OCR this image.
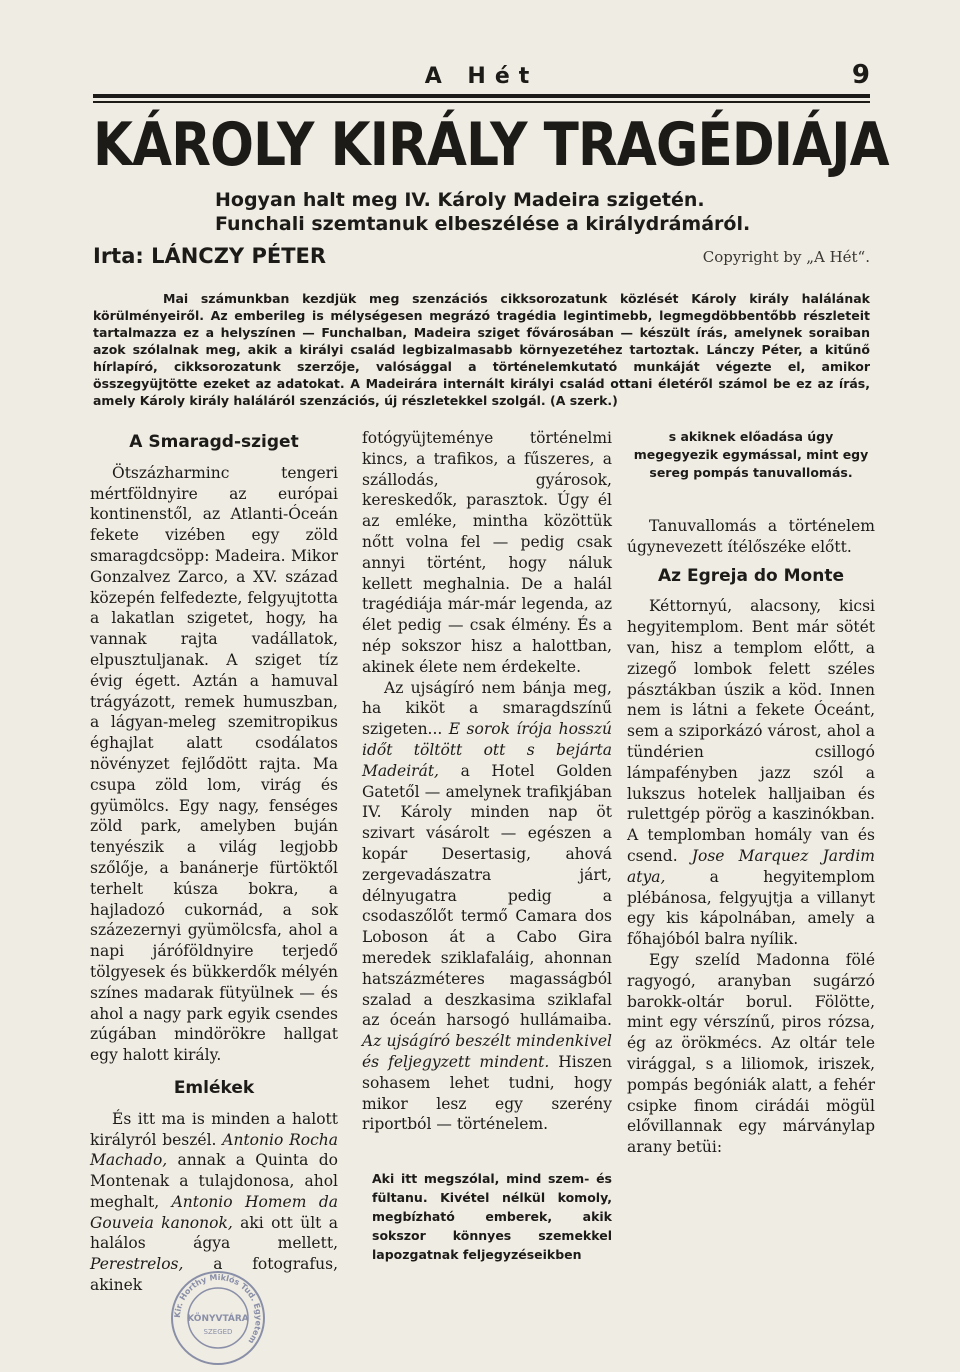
A Hét	9
KÁROLY KIRÁLY TRAGÉDIÁJA
Hogyan halt meg IV. Károly Madeira szigetén.
Funchali szemtanuk elbeszélése a királydrámáról.
Irta: LÁNCZY PÉTER	Copyright by „A Hét“.
Mai számunkban kezdjük meg szenzációs cikksorozatunk közlését Károly király halálának körülményeiről. Az emberileg is mélységesen megrázó tragédia legintimebb, legmegdöbbentőbb részleteit tartalmazza ez a helyszínen — Funchalban, Madeira sziget fővárosában — készült írás, amelynek soraiban azok szólalnak meg, akik a királyi család legbizalmasabb környezetéhez tartoztak. Lánczy Péter, a kitűnő hírlapíró, cikksorozatunk szerzője, valósággal a történelemkutató munkáját végezte el, amikor összegyüjtötte ezeket az adatokat. A Madeirára internált királyi család ottani életéről számol be ez az írás, amely Károly király haláláról szenzációs, új részletekkel szolgál. (A szerk.)
A Smaragd-sziget

Ötszázharminc tengeri mértföldnyire az európai kontinenstől, az Atlanti-Óceán fekete vizében egy zöld smaragdcsöpp: Madeira. Mikor Gonzalvez Zarco, a XV. század közepén felfedezte, felgyujtotta a lakatlan szigetet, hogy, ha vannak rajta vadállatok, elpusztuljanak. A sziget tíz évig égett. Aztán a hamuval trágyázott, remek humuszban, a lágyan-meleg szemitropikus éghajlat alatt csodálatos növényzet fejlődött rajta. Ma csupa zöld lom, virág és gyümölcs. Egy nagy, fenséges zöld park, amelyben buján tenyészik a világ legjobb szőlője, a banánerje fürtöktől terhelt kúsza bokra, a hajladozó cukornád, a sok százezernyi gyümölcsfa, ahol a napi járóföldnyire terjedő tölgyesek és bükkerdők mélyén színes madarak fütyülnek — és ahol a nagy park egyik csendes zúgában mindörökre hallgat egy halott király.

Emlékek

És itt ma is minden a halott királyról beszél. Antonio Rocha Machado, annak a Quinta do Montenak a tulajdonosa, ahol meghalt, Antonio Homem da Gouveia kanonok, aki ott ült a halálos ágya mellett, Perestrelos, a fotografus, akinek

fotógyüjteménye történelmi kincs, a trafikos, a fűszeres, a szállodás, gyárosok, kereskedők, parasztok. Úgy él az emléke, mintha közöttük nőtt volna fel — pedig csak annyi történt, hogy náluk kellett meghalnia. De a halál tragédiája már-már legenda, az élet pedig — csak élmény. És a nép sokszor hisz a halottban, akinek élete nem érdekelte.

Az ujságíró nem bánja meg, ha kiköt a smaragdszínű szigeten... E sorok írója hosszú időt töltött ott s bejárta Madeirát, a Hotel Golden Gatetől — amelynek trafikjában IV. Károly minden nap öt szivart vásárolt — egészen a kopár Desertasig, ahová zergevadászatra járt, délnyugatra pedig a csodaszőlőt termő Camara dos Loboson át a Cabo Gira meredek sziklafaláig, ahonnan hatszázméteres magasságból szalad a deszkasima sziklafal az óceán harsogó hullámaiba. Az ujságíró beszélt mindenkivel és feljegyzett mindent. Hiszen sohasem lehet tudni, hogy mikor lesz egy szerény riportból — történelem.

Aki itt megszólal, mind szem- és fültanu. Kivétel nélkül komoly, megbízható emberek, akik sokszor könnyes szemekkel lapozgatnak feljegyzéseikben
s akiknek előadása úgy megegyezik egymással, mint egy sereg pompás tanuvallomás.

Tanuvallomás a történelem úgynevezett ítélőszéke előtt.

Az Egreja do Monte

Kéttornyú, alacsony, kicsi hegyitemplom. Bent már sötét van, hisz a templom előtt, a zizegő lombok felett széles pásztákban úszik a köd. Innen nem is látni a fekete Óceánt, sem a sziporkázó várost, ahol a tündérien csillogó lámpafényben jazz szól a lukszus hotelek halljaiban és rulettgép pörög a kaszinókban. A templomban homály van és csend. Jose Marquez Jardim atya, a hegyitemplom plébánosa, felgyujtja a villanyt egy kis kápolnában, amely a főhajóból balra nyílik.

Egy szelíd Madonna fölé ragyogó, aranyban sugárzó barokk-oltár borul. Fölötte, mint egy vérszínű, piros rózsa, ég az örökmécs. Az oltár tele virággal, s a liliomok, iriszek, pompás begóniák alatt, a fehér csipke finom cirádái mögül elővillannak egy márványlap arany betüi:

Kir. Horthy Miklós Tud. Egyetem
KÖNYVTÁRA
SZEGED
